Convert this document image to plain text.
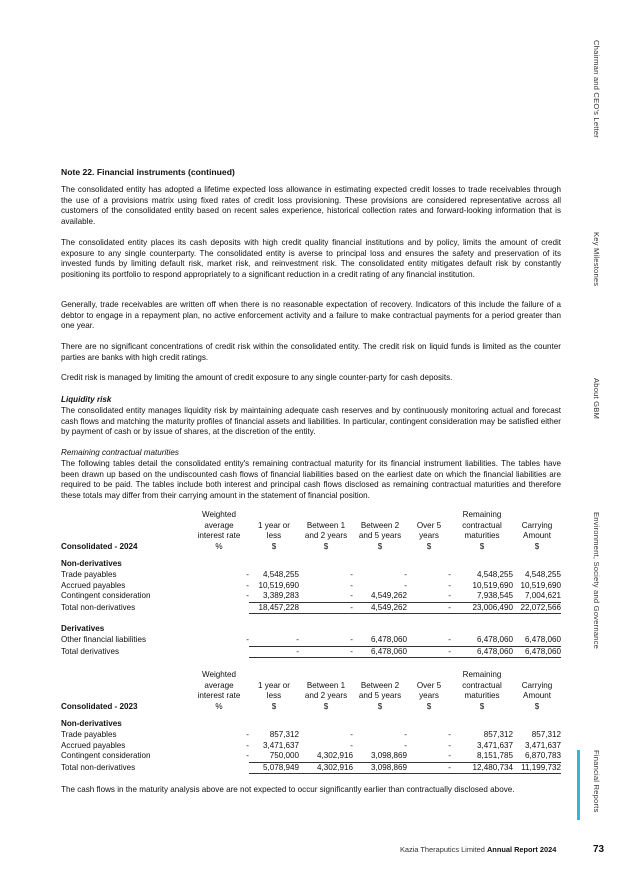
Note 22. Financial instruments (continued)
The consolidated entity has adopted a lifetime expected loss allowance in estimating expected credit losses to trade receivables through the use of a provisions matrix using fixed rates of credit loss provisioning. These provisions are considered representative across all customers of the consolidated entity based on recent sales experience, historical collection rates and forward-looking information that is available.
The consolidated entity places its cash deposits with high credit quality financial institutions and by policy, limits the amount of credit exposure to any single counterparty. The consolidated entity is averse to principal loss and ensures the safety and preservation of its invested funds by limiting default risk, market risk, and reinvestment risk. The consolidated entity mitigates default risk by constantly positioning its portfolio to respond appropriately to a significant reduction in a credit rating of any financial institution.
Generally, trade receivables are written off when there is no reasonable expectation of recovery. Indicators of this include the failure of a debtor to engage in a repayment plan, no active enforcement activity and a failure to make contractual payments for a period greater than one year.
There are no significant concentrations of credit risk within the consolidated entity. The credit risk on liquid funds is limited as the counter parties are banks with high credit ratings.
Credit risk is managed by limiting the amount of credit exposure to any single counter-party for cash deposits.
Liquidity risk
The consolidated entity manages liquidity risk by maintaining adequate cash reserves and by continuously monitoring actual and forecast cash flows and matching the maturity profiles of financial assets and liabilities. In particular, contingent consideration may be satisfied either by payment of cash or by issue of shares, at the discretion of the entity.
Remaining contractual maturities
The following tables detail the consolidated entity's remaining contractual maturity for its financial instrument liabilities. The tables have been drawn up based on the undiscounted cash flows of financial liabilities based on the earliest date on which the financial liabilities are required to be paid. The tables include both interest and principal cash flows disclosed as remaining contractual maturities and therefore these totals may differ from their carrying amount in the statement of financial position.
	Weighted					Remaining	
	average	1 year or	Between 1	Between 2	Over 5	contractual	Carrying
	interest rate	less	and 2 years	and 5 years	years	maturities	Amount
Consolidated - 2024	%	$	$	$	$	$	$

Non-derivatives							
Trade payables	-	4,548,255	-	-	-	4,548,255	4,548,255
Accrued payables	-	10,519,690	-	-	-	10,519,690	10,519,690
Contingent consideration	-	3,389,283	-	4,549,262	-	7,938,545	7,004,621
Total non-derivatives		18,457,228	-	4,549,262	-	23,006,490	22,072,566

Derivatives							
Other financial liabilities	-	-	-	6,478,060	-	6,478,060	6,478,060
Total derivatives		-	-	6,478,060	-	6,478,060	6,478,060
	Weighted					Remaining	
	average	1 year or	Between 1	Between 2	Over 5	contractual	Carrying
	interest rate	less	and 2 years	and 5 years	years	maturities	Amount
Consolidated - 2023	%	$	$	$	$	$	$

Non-derivatives							
Trade payables	-	857,312	-	-	-	857,312	857,312
Accrued payables	-	3,471,637	-	-	-	3,471,637	3,471,637
Contingent consideration	-	750,000	4,302,916	3,098,869	-	8,151,785	6,870,783
Total non-derivatives		5,078,949	4,302,916	3,098,869	-	12,480,734	11,199,732
The cash flows in the maturity analysis above are not expected to occur significantly earlier than contractually disclosed above.
Chairman and CEO's Letter
Key Milestones
About GBM
Environment, Society and Governance
Financial Reports
Kazia Theraputics Limited Annual Report 2024	73
